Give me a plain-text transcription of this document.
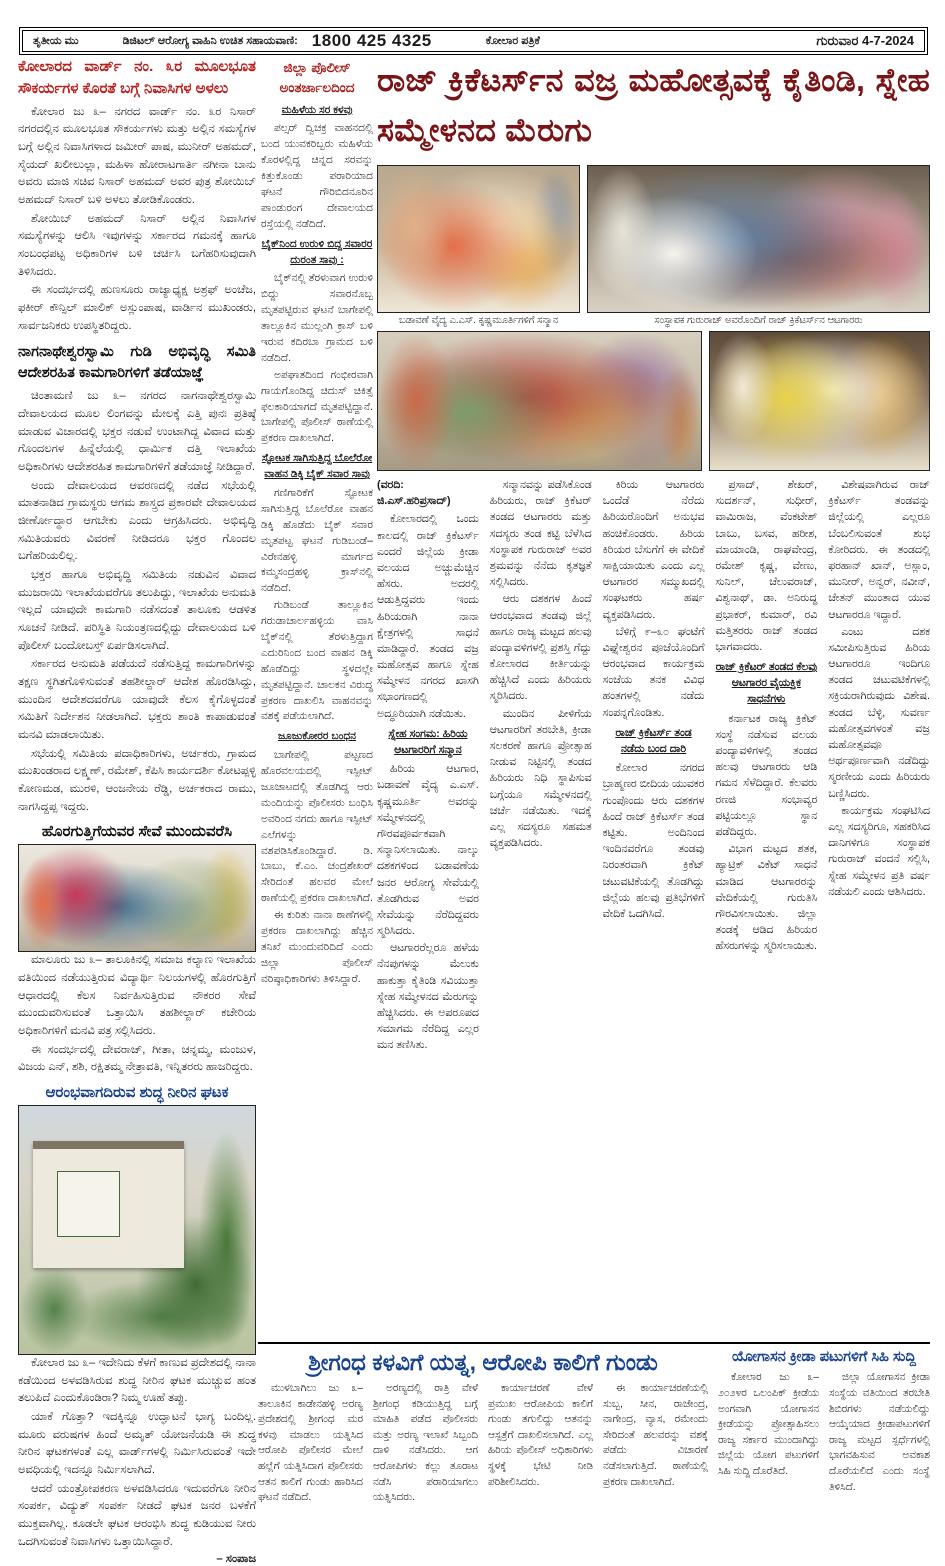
ತೃತೀಯ ಮು	ಡಿಜಿಟಲ್ ಆರೋಗ್ಯ ವಾಹಿನಿ ಉಚಿತ ಸಹಾಯವಾಣಿ: 1800 425 4325	ಕೋಲಾರ ಪತ್ರಿಕೆ	ಗುರುವಾರ 4-7-2024
ಕೋಲಾರದ ವಾರ್ಡ್ ನಂ. ೩ರ ಮೂಲಭೂತ ಸೌಕರ್ಯಗಳ ಕೊರತೆ ಬಗ್ಗೆ ನಿವಾಸಿಗಳ ಅಳಲು
ಕೋಲಾರ ಜು ೩– ನಗರದ ವಾರ್ಡ್ ನಂ. ೩ರ ನಿಸಾರ್ ನಗರದಲ್ಲಿನ ಮೂಲಭೂತ ಸೌಕರ್ಯಗಳು ಮತ್ತು ಅಲ್ಲಿನ ಸಮಸ್ಯೆಗಳ ಬಗ್ಗೆ ಅಲ್ಲಿನ ನಿವಾಸಿಗಳಾದ ಜಮೀರ್ ಪಾಷ, ಮುನೀರ್ ಅಹಮದ್, ಸೈಯದ್ ಖಲೀಲುಲ್ಲಾ, ಮಹಿಳಾ ಹೋರಾಟಗಾರ್ತಿ ನಗೀನಾ ಬಾನು ಅವರು ಮಾಜಿ ಸಚಿವ ನಿಸಾರ್ ಅಹಮದ್ ಅವರ ಪುತ್ರ ಶೋಯಿಬ್ ಅಹಮದ್ ನಿಸಾರ್ ಬಳಿ ಅಳಲು ತೋಡಿಕೊಂಡರು.
ಶೋಯಿಬ್ ಅಹಮದ್ ನಿಸಾರ್ ಅಲ್ಲಿನ ನಿವಾಸಿಗಳ ಸಮಸ್ಯೆಗಳನ್ನು ಆಲಿಸಿ ಇವುಗಳನ್ನು ಸರ್ಕಾರದ ಗಮನಕ್ಕೆ ಹಾಗೂ ಸಂಬಂಧಪಟ್ಟ ಅಧಿಕಾರಿಗಳ ಬಳಿ ಚರ್ಚಿಸಿ ಬಗೆಹರಿಸುವುದಾಗಿ ತಿಳಿಸಿದರು.
ಈ ಸಂದರ್ಭದಲ್ಲಿ ಹುಣಸೂರು ರಾಜ್ಯಾಧ್ಯಕ್ಷ ಅಶ್ರಫ್ ಅಂಚೆಜ, ಫಕೀರ್ ಕೌನ್ಸಿಲ್ ಮಾಲಿಕ್ ಅಸ್ಲುಂಪಾಷ, ವಾರ್ಡಿನ ಮುಖಂಡರು, ಸಾರ್ವಜನಿಕರು ಉಪಸ್ಥಿತರಿದ್ದರು.
ನಾಗನಾಥೇಶ್ವರಸ್ವಾಮಿ ಗುಡಿ ಅಭಿವೃದ್ಧಿ ಸಮಿತಿ ಆದೇಶರಹಿತ ಕಾಮಗಾರಿಗಳಿಗೆ ತಡೆಯಾಜ್ಞೆ
ಚಿಂತಾಮಣಿ ಜು ೩– ನಗರದ ನಾಗನಾಥೇಶ್ವರಸ್ವಾಮಿ ದೇವಾಲಯದ ಮೂಲ ಲಿಂಗವನ್ನು ಮೇಲಕ್ಕೆ ಎತ್ತಿ ಪುನಃ ಪ್ರತಿಷ್ಠೆ ಮಾಡುವ ವಿಚಾರದಲ್ಲಿ ಭಕ್ತರ ನಡುವೆ ಉಂಟಾಗಿದ್ದ ವಿವಾದ ಮತ್ತು ಗೊಂದಲಗಳ ಹಿನ್ನೆಲೆಯಲ್ಲಿ ಧಾರ್ಮಿಕ ದತ್ತಿ ಇಲಾಖೆಯ ಅಧಿಕಾರಿಗಳು ಆದೇಶರಹಿತ ಕಾಮಗಾರಿಗಳಿಗೆ ತಡೆಯಾಜ್ಞೆ ನೀಡಿದ್ದಾರೆ.
ಅಂದು ದೇವಾಲಯದ ಆವರಣದಲ್ಲಿ ನಡೆದ ಸಭೆಯಲ್ಲಿ ಮಾತನಾಡಿದ ಗ್ರಾಮಸ್ಥರು ಆಗಮ ಶಾಸ್ತ್ರದ ಪ್ರಕಾರವೇ ದೇವಾಲಯದ ಜೀರ್ಣೋದ್ಧಾರ ಆಗಬೇಕು ಎಂದು ಆಗ್ರಹಿಸಿದರು. ಅಭಿವೃದ್ಧಿ ಸಮಿತಿಯವರು ವಿವರಣೆ ನೀಡಿದರೂ ಭಕ್ತರ ಗೊಂದಲ ಬಗೆಹರಿಯಲಿಲ್ಲ.
ಭಕ್ತರ ಹಾಗೂ ಅಭಿವೃದ್ಧಿ ಸಮಿತಿಯ ನಡುವಿನ ವಿವಾದ ಮುಜರಾಯಿ ಇಲಾಖೆಯವರೆಗೂ ತಲುಪಿದ್ದು, ಇಲಾಖೆಯ ಅನುಮತಿ ಇಲ್ಲದೆ ಯಾವುದೇ ಕಾಮಗಾರಿ ನಡೆಸದಂತೆ ತಾಲೂಕು ಆಡಳಿತ ಸೂಚನೆ ನೀಡಿದೆ. ಪರಿಸ್ಥಿತಿ ನಿಯಂತ್ರಣದಲ್ಲಿದ್ದು ದೇವಾಲಯದ ಬಳಿ ಪೊಲೀಸ್ ಬಂದೋಬಸ್ತ್ ಏರ್ಪಡಿಸಲಾಗಿದೆ.
ಸರ್ಕಾರದ ಅನುಮತಿ ಪಡೆಯದೆ ನಡೆಸುತ್ತಿದ್ದ ಕಾಮಗಾರಿಗಳನ್ನು ತಕ್ಷಣ ಸ್ಥಗಿತಗೊಳಿಸುವಂತೆ ತಹಶೀಲ್ದಾರ್ ಆದೇಶ ಹೊರಡಿಸಿದ್ದು, ಮುಂದಿನ ಆದೇಶದವರೆಗೂ ಯಾವುದೇ ಕೆಲಸ ಕೈಗೊಳ್ಳದಂತೆ ಸಮಿತಿಗೆ ನಿರ್ದೇಶನ ನೀಡಲಾಗಿದೆ. ಭಕ್ತರು ಶಾಂತಿ ಕಾಪಾಡುವಂತೆ ಮನವಿ ಮಾಡಲಾಯಿತು.
ಸಭೆಯಲ್ಲಿ ಸಮಿತಿಯ ಪದಾಧಿಕಾರಿಗಳು, ಅರ್ಚಕರು, ಗ್ರಾಮದ ಮುಖಂಡರಾದ ಲಕ್ಷ್ಮಣ್, ರಮೇಶ್, ಕೆಪಿಸಿ ಕಾರ್ಯದರ್ಶಿ ಕೋಟಪ್ಪಳ್ಳಿ ಕೋಣಮಡ, ಮುರಳಿ, ಆಂಜನೇಯ ರೆಡ್ಡಿ, ಅರ್ಚಕರಾದ ರಾಮು, ನಾಗಸಿದ್ದಪ್ಪ ಇದ್ದರು.
ಹೊರಗುತ್ತಿಗೆಯವರ ಸೇವೆ ಮುಂದುವರೆಸಿ
ಮಾಲೂರು ಜು ೩– ತಾಲೂಕಿನಲ್ಲಿ ಸಮಾಜ ಕಲ್ಯಾಣ ಇಲಾಖೆಯ ವತಿಯಿಂದ ನಡೆಯುತ್ತಿರುವ ವಿದ್ಯಾರ್ಥಿ ನಿಲಯಗಳಲ್ಲಿ ಹೊರಗುತ್ತಿಗೆ ಆಧಾರದಲ್ಲಿ ಕೆಲಸ ನಿರ್ವಹಿಸುತ್ತಿರುವ ನೌಕರರ ಸೇವೆ ಮುಂದುವರಿಸುವಂತೆ ಒತ್ತಾಯಿಸಿ ತಹಶೀಲ್ದಾರ್ ಕಚೇರಿಯ ಅಧಿಕಾರಿಗಳಿಗೆ ಮನವಿ ಪತ್ರ ಸಲ್ಲಿಸಿದರು.
ಈ ಸಂದರ್ಭದಲ್ಲಿ ದೇವರಾಜ್, ಗೀತಾ, ಚನ್ನಮ್ಮ, ಮಂಜುಳ, ವಿಜಯ ಎನ್, ಶಶಿ, ರಕ್ಷಿತಮ್ಮ ನೇತ್ರಾವತಿ, ಇನ್ನಿತರರು ಹಾಜರಿದ್ದರು.
ಆರಂಭವಾಗದಿರುವ ಶುದ್ಧ ನೀರಿನ ಘಟಕ
ಕೋಲಾರ ಜು ೩– ಇದೇನಿದು ಕೆಳಗೆ ಕಾಣುವ ಪ್ರದೇಶದಲ್ಲಿ ನಾನಾ ಕಡೆಯಿಂದ ಅಳವಡಿಸಿರುವ ಶುದ್ಧ ನೀರಿನ ಘಟಕ ಮುಚ್ಚುವ ಹಂತ ತಲುಪಿದೆ ಎಂದುಕೊಂಡಿರಾ? ನಿಮ್ಮ ಊಹೆ ತಪ್ಪು.
ಯಾಕೆ ಗೊತ್ತಾ? ಇದಕ್ಕಿನ್ನೂ ಉದ್ಘಾಟನೆ ಭಾಗ್ಯ ಬಂದಿಲ್ಲ. ಮೂರು ವರುಷಗಳ ಹಿಂದೆ ಅಮೃತ್ ಯೋಜನೆಯಡಿ ಈ ಶುದ್ಧ ನೀರಿನ ಘಟಕಗಳಂತೆ ಎಲ್ಲ ವಾರ್ಡ್‌ಗಳಲ್ಲಿ ನಿರ್ಮಿಸಿರುವಂತೆ ಇದೇ ಅವಧಿಯಲ್ಲಿ ಇದನ್ನೂ ನಿರ್ಮಿಸಲಾಗಿದೆ.
ಆದರೆ ಯಂತ್ರೋಪಕರಣ ಅಳವಡಿಸಿದರೂ ಇದುವರೆಗೂ ನೀರಿನ ಸಂಪರ್ಕ, ವಿದ್ಯುತ್ ಸಂಪರ್ಕ ನೀಡದೆ ಘಟಕ ಜನರ ಬಳಕೆಗೆ ಮುಕ್ತವಾಗಿಲ್ಲ. ಕೂಡಲೇ ಘಟಕ ಆರಂಭಿಸಿ ಶುದ್ಧ ಕುಡಿಯುವ ನೀರು ಒದಗಿಸುವಂತೆ ನಿವಾಸಿಗಳು ಒತ್ತಾಯಿಸಿದ್ದಾರೆ.
– ಸಂಪಾಜ
ಜಿಲ್ಲಾ ಪೊಲೀಸ್ ಅಂತರ್ಜಾಲದಿಂದ
ಮಹಿಳೆಯ ಸರ ಕಳವು
ಪಲ್ಸರ್ ದ್ವಿಚಕ್ರ ವಾಹನದಲ್ಲಿ ಬಂದ ಯುವಕರಿಬ್ಬರು ಮಹಿಳೆಯ ಕೊರಳಲ್ಲಿದ್ದ ಚಿನ್ನದ ಸರವನ್ನು ಕಿತ್ತುಕೊಂಡು ಪರಾರಿಯಾದ ಘಟನೆ ಗೌರಿಬಿದನೂರಿನ ಪಾಂಡುರಂಗ ದೇವಾಲಯದ ರಸ್ತೆಯಲ್ಲಿ ನಡೆದಿದೆ.
ಬೈಕ್‌ನಿಂದ ಉರುಳಿ ಬಿದ್ದ ಸವಾರರ ದುರಂತ ಸಾವು :
ಬೈಕ್‌ನಲ್ಲಿ ತೆರಳುವಾಗ ಉರುಳಿ ಬಿದ್ದು ಸವಾರನೊಬ್ಬ ಮೃತಪಟ್ಟಿರುವ ಘಟನೆ ಬಾಗೇಪಲ್ಲಿ ತಾಲ್ಲೂಕಿನ ಮುಲ್ಲಂಗಿ ಕ್ರಾಸ್ ಬಳಿ ಇರುವ ಕದಿರಬಾ ಗ್ರಾಮದ ಬಳಿ ನಡೆದಿದೆ.
ಅಪಘಾತದಿಂದ ಗಂಭೀರವಾಗಿ ಗಾಯಗೊಂಡಿದ್ದ ಚಿದುಸ್ ಚಿಕಿತ್ಸೆ ಫಲಕಾರಿಯಾಗದೆ ಮೃತಪಟ್ಟಿದ್ದಾನೆ. ಬಾಗೇಪಲ್ಲಿ ಪೊಲೀಸ್ ಠಾಣೆಯಲ್ಲಿ ಪ್ರಕರಣ ದಾಖಲಾಗಿದೆ.
ಸ್ಫೋಟಕ ಸಾಗಿಸುತ್ತಿದ್ದ ಬೊಲೆರೋ ವಾಹನ ಡಿಕ್ಕಿ ಬೈಕ್ ಸವಾರ ಸಾವು
ಗಣಿಗಾರಿಕೆಗೆ ಸ್ಫೋಟಕ ಸಾಗಿಸುತ್ತಿದ್ದ ಬೊಲೆರೋ ವಾಹನ ಡಿಕ್ಕಿ ಹೊಡೆದು ಬೈಕ್ ಸವಾರ ಮೃತಪಟ್ಟ ಘಟನೆ ಗುಡಿಬಂಡೆ–ವಿರೇನಹಳ್ಳಿ ಮಾರ್ಗದ ಕಮ್ಮಸಂದ್ರಹಳ್ಳಿ ಕ್ರಾಸ್‌ನಲ್ಲಿ ನಡೆದಿದೆ.
ಗುಡಿಬಂಡೆ ತಾಲ್ಲೂಕಿನ ಗರುಡಾಚಾರ್ಲಹಳ್ಳಿಯ ವಾಸಿ ಬೈಕ್‌ನಲ್ಲಿ ತೆರಳುತ್ತಿದ್ದಾಗ ಎದುರಿನಿಂದ ಬಂದ ವಾಹನ ಡಿಕ್ಕಿ ಹೊಡೆದಿದ್ದು ಸ್ಥಳದಲ್ಲೇ ಮೃತಪಟ್ಟಿದ್ದಾನೆ. ಚಾಲಕನ ವಿರುದ್ಧ ಪ್ರಕರಣ ದಾಖಲಿಸಿ ವಾಹನವನ್ನು ವಶಕ್ಕೆ ಪಡೆಯಲಾಗಿದೆ.
ಜೂಜುಕೋರರ ಬಂಧನ
ಬಾಗೇಪಲ್ಲಿ ಪಟ್ಟಣದ ಹೊರವಲಯದಲ್ಲಿ ಇಸ್ಪೀಟ್ ಜೂಜಾಟದಲ್ಲಿ ತೊಡಗಿದ್ದ ಆರು ಮಂದಿಯನ್ನು ಪೊಲೀಸರು ಬಂಧಿಸಿ ಅವರಿಂದ ನಗದು ಹಾಗೂ ಇಸ್ಪೀಟ್ ಎಲೆಗಳನ್ನು ವಶಪಡಿಸಿಕೊಂಡಿದ್ದಾರೆ. ಡಿ. ಬಾಬು, ಕೆ.ಎಂ. ಚಂದ್ರಶೇಖರ್ ಸೇರಿದಂತೆ ಹಲವರ ಮೇಲೆ ಠಾಣೆಯಲ್ಲಿ ಪ್ರಕರಣ ದಾಖಲಾಗಿದೆ.
ಈ ಕುರಿತು ನಾನಾ ಠಾಣೆಗಳಲ್ಲಿ ಪ್ರಕರಣ ದಾಖಲಾಗಿದ್ದು ಹೆಚ್ಚಿನ ತನಿಖೆ ಮುಂದುವರಿದಿದೆ ಎಂದು ಜಿಲ್ಲಾ ಪೊಲೀಸ್ ವರಿಷ್ಠಾಧಿಕಾರಿಗಳು ತಿಳಿಸಿದ್ದಾರೆ.
ರಾಜ್ ಕ್ರಿಕೆಟರ್ಸ್‌ನ ವಜ್ರ ಮಹೋತ್ಸವಕ್ಕೆ ಕೈತಿಂಡಿ, ಸ್ನೇಹ ಸಮ್ಮೇಳನದ ಮೆರುಗು
ಬಡಾವಣೆ ವೈದ್ಯ ಎ.ಎಸ್. ಕೃಷ್ಣಮೂರ್ತಿಗಳಿಗೆ ಸನ್ಮಾನ	ಸಂಸ್ಥಾಪಕ ಗುರುರಾಜ್ ಅವರೊಂದಿಗೆ ರಾಜ್ ಕ್ರಿಕೆಟರ್ಸ್‌ನ ಆಟಗಾರರು
(ವರದಿ: ಜಿ.ಎಸ್.ಹರಿಪ್ರಸಾದ್)
ಕೋಲಾರದಲ್ಲಿ ಒಂದು ಕಾಲದಲ್ಲಿ ರಾಜ್ ಕ್ರಿಕೆಟರ್ಸ್ ಎಂದರೆ ಜಿಲ್ಲೆಯ ಕ್ರೀಡಾ ವಲಯದ ಅಚ್ಚುಮೆಚ್ಚಿನ ಹೆಸರು. ಅದರಲ್ಲಿ ಆಡುತ್ತಿದ್ದವರು ಇಂದು ಹಿರಿಯರಾಗಿ ನಾನಾ ಕ್ಷೇತ್ರಗಳಲ್ಲಿ ಸಾಧನೆ ಮಾಡಿದ್ದಾರೆ. ತಂಡದ ವಜ್ರ ಮಹೋತ್ಸವ ಹಾಗೂ ಸ್ನೇಹ ಸಮ್ಮೇಳನ ನಗರದ ಖಾಸಗಿ ಸಭಾಂಗಣದಲ್ಲಿ ಅದ್ಧೂರಿಯಾಗಿ ನಡೆಯಿತು.
ಸ್ನೇಹ ಸಂಗಮ: ಹಿರಿಯ ಆಟಗಾರರಿಗೆ ಸನ್ಮಾನ
ಹಿರಿಯ ಆಟಗಾರ, ಬಡಾವಣೆ ವೈದ್ಯ ಎ.ಎಸ್. ಕೃಷ್ಣಮೂರ್ತಿ ಅವರನ್ನು ಸಮ್ಮೇಳನದಲ್ಲಿ ಗೌರವಪೂರ್ವಕವಾಗಿ ಸನ್ಮಾನಿಸಲಾಯಿತು. ನಾಲ್ಕು ದಶಕಗಳಿಂದ ಬಡಾವಣೆಯ ಜನರ ಆರೋಗ್ಯ ಸೇವೆಯಲ್ಲಿ ತೊಡಗಿರುವ ಅವರ ಸೇವೆಯನ್ನು ನೆರೆದಿದ್ದವರು ಸ್ಮರಿಸಿದರು.
ಆಟಗಾರರೆಲ್ಲರೂ ಹಳೆಯ ನೆನಪುಗಳನ್ನು ಮೆಲುಕು ಹಾಕುತ್ತಾ ಕೈತಿಂಡಿ ಸವಿಯುತ್ತಾ ಸ್ನೇಹ ಸಮ್ಮೇಳನದ ಮೆರುಗನ್ನು ಹೆಚ್ಚಿಸಿದರು. ಈ ಅಪರೂಪದ ಸಮಾಗಮ ನೆರೆದಿದ್ದ ಎಲ್ಲರ ಮನ ತಣಿಸಿತು.
ಸನ್ಮಾನವನ್ನು ಪಡೆಸಿಕೊಂಡ ಹಿರಿಯರು, ರಾಜ್ ಕ್ರಿಕೆಟರ್ ತಂಡದ ಆಟಗಾರರು ಮತ್ತು ಸದಸ್ಯರು ತಂಡ ಕಟ್ಟಿ ಬೆಳೆಸಿದ ಸಂಸ್ಥಾಪಕ ಗುರುರಾಜ್ ಅವರ ಶ್ರಮವನ್ನು ನೆನೆದು ಕೃತಜ್ಞತೆ ಸಲ್ಲಿಸಿದರು.
ಆರು ದಶಕಗಳ ಹಿಂದೆ ಆರಂಭವಾದ ತಂಡವು ಜಿಲ್ಲೆ ಹಾಗೂ ರಾಜ್ಯ ಮಟ್ಟದ ಹಲವು ಪಂದ್ಯಾವಳಿಗಳಲ್ಲಿ ಪ್ರಶಸ್ತಿ ಗೆದ್ದು ಕೋಲಾರದ ಕೀರ್ತಿಯನ್ನು ಹೆಚ್ಚಿಸಿದೆ ಎಂದು ಹಿರಿಯರು ಸ್ಮರಿಸಿದರು.
ಮುಂದಿನ ಪೀಳಿಗೆಯ ಆಟಗಾರರಿಗೆ ತರಬೇತಿ, ಕ್ರೀಡಾ ಸಲಕರಣೆ ಹಾಗೂ ಪ್ರೋತ್ಸಾಹ ನೀಡುವ ನಿಟ್ಟಿನಲ್ಲಿ ತಂಡದ ಹಿರಿಯರು ನಿಧಿ ಸ್ಥಾಪಿಸುವ ಬಗ್ಗೆಯೂ ಸಮ್ಮೇಳನದಲ್ಲಿ ಚರ್ಚೆ ನಡೆಯಿತು. ಇದಕ್ಕೆ ಎಲ್ಲ ಸದಸ್ಯರೂ ಸಹಮತ ವ್ಯಕ್ತಪಡಿಸಿದರು.
ಕಿರಿಯ ಆಟಗಾರರು ಒಂದೆಡೆ ನೆರೆದು ಹಿರಿಯರೊಂದಿಗೆ ಅನುಭವ ಹಂಚಿಕೊಂಡರು. ಹಿರಿಯ ಕಿರಿಯರ ಬೆಸುಗೆಗೆ ಈ ವೇದಿಕೆ ಸಾಕ್ಷಿಯಾಯಿತು ಎಂದು ಎಲ್ಲ ಆಟಗಾರರ ಸಮ್ಮುಖದಲ್ಲಿ ಸಂಘಟಕರು ಹರ್ಷ ವ್ಯಕ್ತಪಡಿಸಿದರು.
ಬೆಳಿಗ್ಗೆ ೯–೩೦ ಘಂಟೆಗೆ ವಿಘ್ನೇಶ್ವರನ ಪೂಜೆಯೊಂದಿಗೆ ಆರಂಭವಾದ ಕಾರ್ಯಕ್ರಮ ಸಂಜೆಯ ತನಕ ವಿವಿಧ ಹಂತಗಳಲ್ಲಿ ನಡೆದು ಸಂಪನ್ನಗೊಂಡಿತು.
ರಾಜ್ ಕ್ರಿಕೆಟರ್ಸ್ ತಂಡ ನಡೆದು ಬಂದ ದಾರಿ
ಕೋಲಾರ ನಗರದ ಬ್ರಾಹ್ಮಣರ ಬೀದಿಯ ಯುವಕರ ಗುಂಪೊಂದು ಆರು ದಶಕಗಳ ಹಿಂದೆ ರಾಜ್ ಕ್ರಿಕೆಟರ್ಸ್ ತಂಡ ಕಟ್ಟಿತು. ಅಂದಿನಿಂದ ಇಂದಿನವರೆಗೂ ತಂಡವು ನಿರಂತರವಾಗಿ ಕ್ರಿಕೆಟ್ ಚಟುವಟಿಕೆಯಲ್ಲಿ ತೊಡಗಿದ್ದು ಜಿಲ್ಲೆಯ ಹಲವು ಪ್ರತಿಭೆಗಳಿಗೆ ವೇದಿಕೆ ಒದಗಿಸಿದೆ.
ಪ್ರಸಾದ್, ಶೇಖರ್, ಸುದರ್ಶನ್, ಸುಧೀರ್, ವಾಮಿರಾಜ, ವೆಂಕಟೇಶ್ ಬಾಬು, ಬಸವ, ಹರೀಶ, ಮಾಯಾಂಡಿ, ರಾಘವೇಂದ್ರ, ರಮೇಶ್ ಕೃಷ್ಣ, ವೇಣು, ಸುನಿಲ್, ಚೆಲುವರಾಜ್, ವಿಶ್ವನಾಥ್, ಡಾ. ಅನಿರುದ್ಧ ಪ್ರಭಾಕರ್, ಕುಮಾರ್, ರವಿ ಮತ್ತಿತರರು ರಾಜ್ ತಂಡದ ಭಾಗವಾದರು.
ರಾಜ್ ಕ್ರಿಕೆಟರ್ ತಂಡದ ಕೆಲವು ಆಟಗಾರರ ವೈಯಕ್ತಿಕ ಸಾಧನೆಗಳು
ಕರ್ನಾಟಕ ರಾಜ್ಯ ಕ್ರಿಕೆಟ್ ಸಂಸ್ಥೆ ನಡೆಸುವ ವಲಯ ಪಂದ್ಯಾವಳಿಗಳಲ್ಲಿ ತಂಡದ ಹಲವು ಆಟಗಾರರು ಆಡಿ ಗಮನ ಸೆಳೆದಿದ್ದಾರೆ. ಕೆಲವರು ರಣಜಿ ಸಂಭಾವ್ಯರ ಪಟ್ಟಿಯಲ್ಲೂ ಸ್ಥಾನ ಪಡೆದಿದ್ದರು.
ವಿಭಾಗ ಮಟ್ಟದ ಶತಕ, ಹ್ಯಾಟ್ರಿಕ್ ವಿಕೆಟ್ ಸಾಧನೆ ಮಾಡಿದ ಆಟಗಾರರನ್ನು ವೇದಿಕೆಯಲ್ಲಿ ಗುರುತಿಸಿ ಗೌರವಿಸಲಾಯಿತು. ಜಿಲ್ಲಾ ತಂಡಕ್ಕೆ ಆಡಿದ ಹಿರಿಯರ ಹೆಸರುಗಳನ್ನು ಸ್ಮರಿಸಲಾಯಿತು.
ವಿಶೇಷವಾಗಿರುವ ರಾಜ್ ಕ್ರಿಕೆಟರ್ಸ್ ತಂಡವನ್ನು ಜಿಲ್ಲೆಯಲ್ಲಿ ಎಲ್ಲರೂ ಬೆಂಬಲಿಸುವಂತೆ ಶುಭ ಕೋರಿದರು. ಈ ತಂಡದಲ್ಲಿ ಫರಹಾನ್ ಖಾನ್, ಅಸ್ಲಾಂ, ಮುನೀರ್, ಅನ್ವರ್, ನವೀನ್, ಚೇತನ್ ಮುಂತಾದ ಯುವ ಆಟಗಾರರೂ ಇದ್ದಾರೆ.
ಎಂಟು ದಶಕ ಸಮೀಪಿಸುತ್ತಿರುವ ಹಿರಿಯ ಆಟಗಾರರೂ ಇಂದಿಗೂ ತಂಡದ ಚಟುವಟಿಕೆಗಳಲ್ಲಿ ಸಕ್ರಿಯರಾಗಿರುವುದು ವಿಶೇಷ. ತಂಡದ ಬೆಳ್ಳಿ, ಸುವರ್ಣ ಮಹೋತ್ಸವಗಳಂತೆ ವಜ್ರ ಮಹೋತ್ಸವವೂ ಅರ್ಥಪೂರ್ಣವಾಗಿ ನಡೆದಿದ್ದು ಸ್ಮರಣೀಯ ಎಂದು ಹಿರಿಯರು ಬಣ್ಣಿಸಿದರು.
ಕಾರ್ಯಕ್ರಮ ಸಂಘಟಿಸಿದ ಎಲ್ಲ ಸದಸ್ಯರಿಗೂ, ಸಹಕರಿಸಿದ ದಾನಿಗಳಿಗೂ ಸಂಸ್ಥಾಪಕ ಗುರುರಾಜ್ ವಂದನೆ ಸಲ್ಲಿಸಿ, ಸ್ನೇಹ ಸಮ್ಮೇಳನ ಪ್ರತಿ ವರ್ಷ ನಡೆಯಲಿ ಎಂದು ಆಶಿಸಿದರು.
ಶ್ರೀಗಂಧ ಕಳವಿಗೆ ಯತ್ನ, ಆರೋಪಿ ಕಾಲಿಗೆ ಗುಂಡು
ಮುಳಬಾಗಿಲು ಜು ೩– ತಾಲೂಕಿನ ಕಾಡೇನಹಳ್ಳಿ ಅರಣ್ಯ ಪ್ರದೇಶದಲ್ಲಿ ಶ್ರೀಗಂಧ ಮರ ಕಳವು ಮಾಡಲು ಯತ್ನಿಸಿದ ಆರೋಪಿ ಪೊಲೀಸರ ಮೇಲೆ ಹಲ್ಲೆಗೆ ಯತ್ನಿಸಿದಾಗ ಪೊಲೀಸರು ಆತನ ಕಾಲಿಗೆ ಗುಂಡು ಹಾರಿಸಿದ ಘಟನೆ ನಡೆದಿದೆ.
ಅರಣ್ಯದಲ್ಲಿ ರಾತ್ರಿ ವೇಳೆ ಶ್ರೀಗಂಧ ಕಡಿಯುತ್ತಿದ್ದ ಬಗ್ಗೆ ಮಾಹಿತಿ ಪಡೆದ ಪೊಲೀಸರು ಮತ್ತು ಅರಣ್ಯ ಇಲಾಖೆ ಸಿಬ್ಬಂದಿ ದಾಳಿ ನಡೆಸಿದರು. ಆಗ ಆರೋಪಿಗಳು ಕಲ್ಲು ತೂರಾಟ ನಡೆಸಿ ಪರಾರಿಯಾಗಲು ಯತ್ನಿಸಿದರು.
ಕಾರ್ಯಾಚರಣೆ ವೇಳೆ ಪ್ರಮುಖ ಆರೋಪಿಯ ಕಾಲಿಗೆ ಗುಂಡು ತಗುಲಿದ್ದು ಆತನನ್ನು ಆಸ್ಪತ್ರೆಗೆ ದಾಖಲಿಸಲಾಗಿದೆ. ಎಲ್ಲ ಹಿರಿಯ ಪೊಲೀಸ್ ಅಧಿಕಾರಿಗಳು ಸ್ಥಳಕ್ಕೆ ಭೇಟಿ ನೀಡಿ ಪರಿಶೀಲಿಸಿದರು.
ಈ ಕಾರ್ಯಾಚರಣೆಯಲ್ಲಿ ಸುಬ್ಬ, ಸೀನ, ರಾಜೇಂದ್ರ, ನಾಗೇಂದ್ರ, ವ್ಯಾಸ, ರಮೇಂದು ಸೇರಿದಂತೆ ಹಲವರನ್ನು ವಶಕ್ಕೆ ಪಡೆದು ವಿಚಾರಣೆ ನಡೆಸಲಾಗುತ್ತಿದೆ. ಠಾಣೆಯಲ್ಲಿ ಪ್ರಕರಣ ದಾಖಲಾಗಿದೆ.
ಯೋಗಾಸನ ಕ್ರೀಡಾ ಪಟುಗಳಿಗೆ ಸಿಹಿ ಸುದ್ದಿ
ಕೋಲಾರ ಜು ೩– ೨೦೨೪ರ ಒಲಂಪಿಕ್ ಕ್ರೀಡೆಯ ಅಂಗವಾಗಿ ಯೋಗಾಸನ ಕ್ರೀಡೆಯನ್ನು ಪ್ರೋತ್ಸಾಹಿಸಲು ರಾಜ್ಯ ಸರ್ಕಾರ ಮುಂದಾಗಿದ್ದು ಜಿಲ್ಲೆಯ ಯೋಗ ಪಟುಗಳಿಗೆ ಸಿಹಿ ಸುದ್ದಿ ದೊರೆತಿದೆ.
ಜಿಲ್ಲಾ ಯೋಗಾಸನ ಕ್ರೀಡಾ ಸಂಸ್ಥೆಯ ವತಿಯಿಂದ ತರಬೇತಿ ಶಿಬಿರಗಳು ನಡೆಯಲಿದ್ದು ಆಯ್ಕೆಯಾದ ಕ್ರೀಡಾಪಟುಗಳಿಗೆ ರಾಜ್ಯ ಮಟ್ಟದ ಸ್ಪರ್ಧೆಗಳಲ್ಲಿ ಭಾಗವಹಿಸುವ ಅವಕಾಶ ದೊರೆಯಲಿದೆ ಎಂದು ಸಂಸ್ಥೆ ತಿಳಿಸಿದೆ.
